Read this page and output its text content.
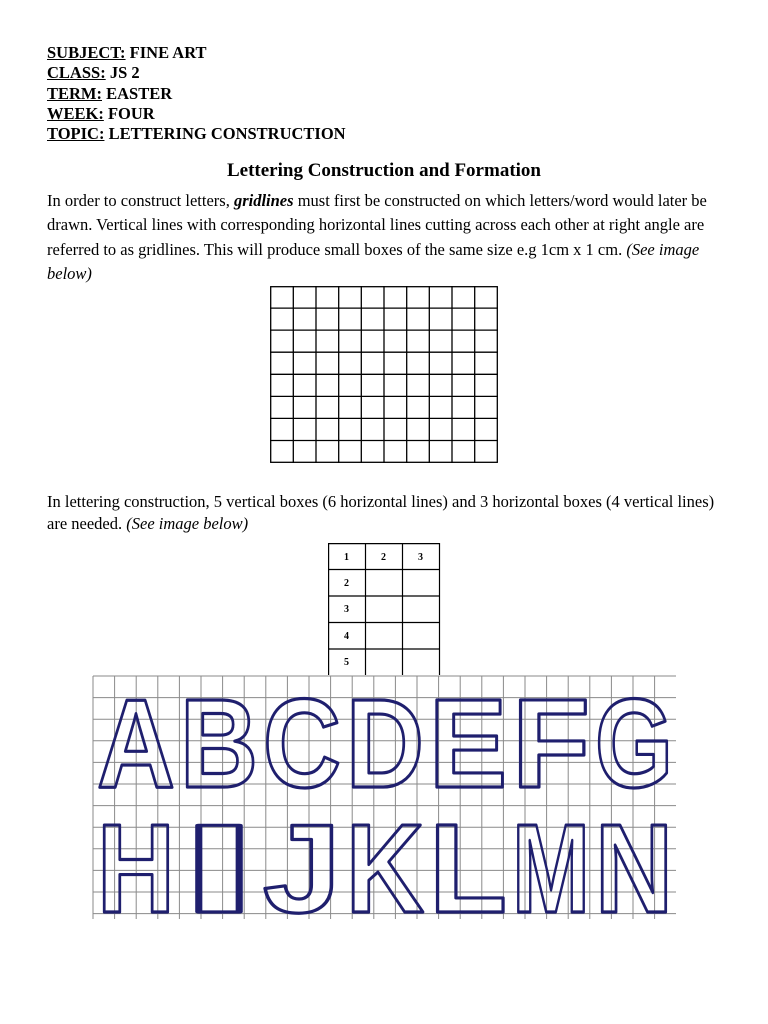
SUBJECT: FINE ART
CLASS: JS 2
TERM: EASTER
WEEK: FOUR
TOPIC: LETTERING CONSTRUCTION
Lettering Construction and Formation
In order to construct letters, gridlines must first be constructed on which letters/word would later be drawn. Vertical lines with corresponding horizontal lines cutting across each other at right angle are referred to as gridlines. This will produce small boxes of the same size e.g 1cm x 1 cm. (See image below)
In lettering construction, 5 vertical boxes (6 horizontal lines) and 3 horizontal boxes (4 vertical lines) are needed. (See image below)
1	2	3
2
3
4
5
A B C D E F G
H I J K L M N
